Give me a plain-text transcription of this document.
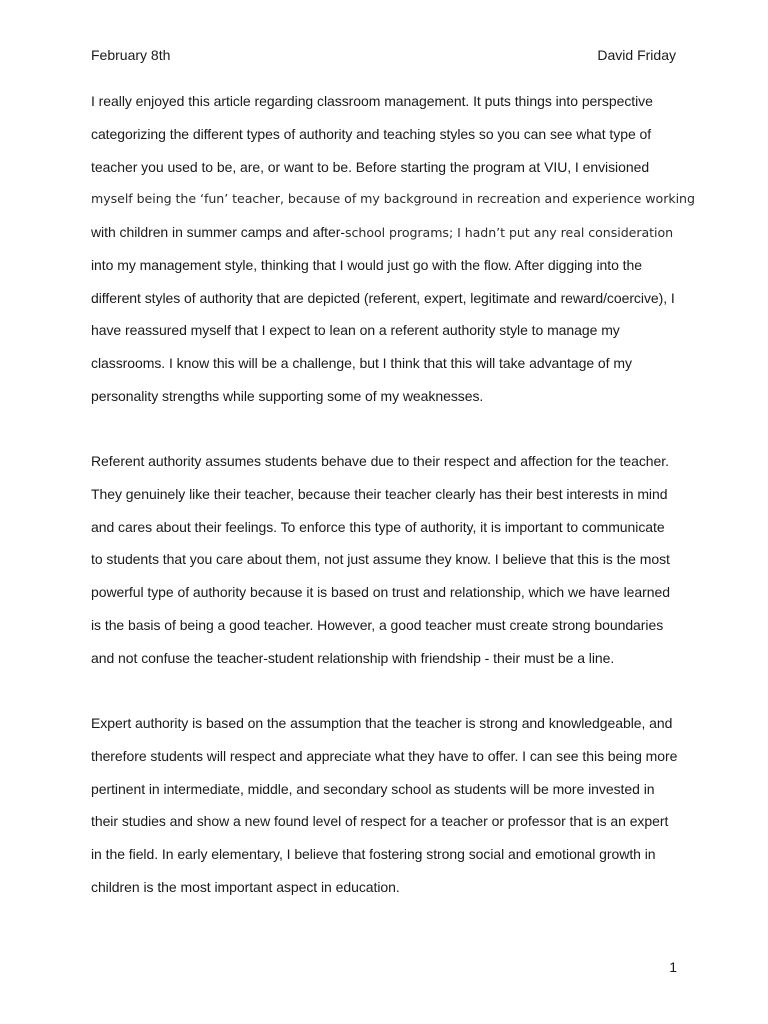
February 8th	David Friday
I really enjoyed this article regarding classroom management. It puts things into perspective
categorizing the different types of authority and teaching styles so you can see what type of
teacher you used to be, are, or want to be. Before starting the program at VIU, I envisioned
myself being the ‘fun’ teacher, because of my background in recreation and experience working
with children in summer camps and after-school programs; I hadn’t put any real consideration
into my management style, thinking that I would just go with the flow. After digging into the
different styles of authority that are depicted (referent, expert, legitimate and reward/coercive), I
have reassured myself that I expect to lean on a referent authority style to manage my
classrooms. I know this will be a challenge, but I think that this will take advantage of my
personality strengths while supporting some of my weaknesses.
Referent authority assumes students behave due to their respect and affection for the teacher.
They genuinely like their teacher, because their teacher clearly has their best interests in mind
and cares about their feelings. To enforce this type of authority, it is important to communicate
to students that you care about them, not just assume they know. I believe that this is the most
powerful type of authority because it is based on trust and relationship, which we have learned
is the basis of being a good teacher. However, a good teacher must create strong boundaries
and not confuse the teacher-student relationship with friendship - their must be a line.
Expert authority is based on the assumption that the teacher is strong and knowledgeable, and
therefore students will respect and appreciate what they have to offer. I can see this being more
pertinent in intermediate, middle, and secondary school as students will be more invested in
their studies and show a new found level of respect for a teacher or professor that is an expert
in the field. In early elementary, I believe that fostering strong social and emotional growth in
children is the most important aspect in education.
1
